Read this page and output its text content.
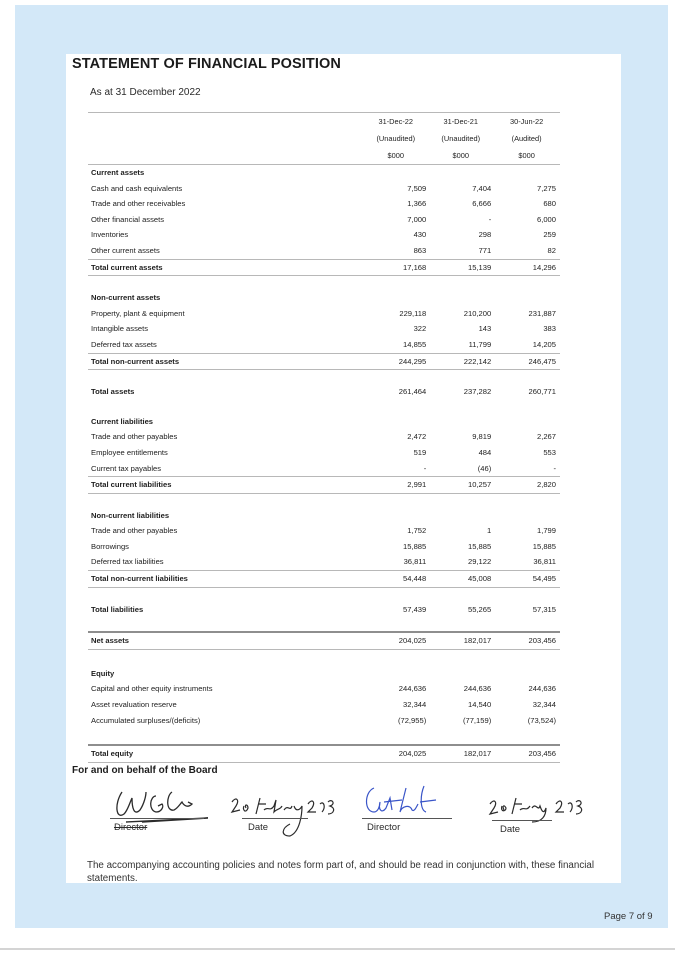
STATEMENT OF FINANCIAL POSITION
As at 31 December 2022
	31-Dec-22	31-Dec-21	30-Jun-22
	(Unaudited)	(Unaudited)	(Audited)
	$000	$000	$000
Current assets			
Cash and cash equivalents	7,509	7,404	7,275
Trade and other receivables	1,366	6,666	680
Other financial assets	7,000	-	6,000
Inventories	430	298	259
Other current assets	863	771	82
Total current assets	17,168	15,139	14,296

Non-current assets			
Property, plant & equipment	229,118	210,200	231,887
Intangible assets	322	143	383
Deferred tax assets	14,855	11,799	14,205
Total non-current assets	244,295	222,142	246,475

Total assets	261,464	237,282	260,771

Current liabilities			
Trade and other payables	2,472	9,819	2,267
Employee entitlements	519	484	553
Current tax payables	-	(46)	-
Total current liabilities	2,991	10,257	2,820

Non-current liabilities			
Trade and other payables	1,752	1	1,799
Borrowings	15,885	15,885	15,885
Deferred tax liabilities	36,811	29,122	36,811
Total non-current liabilities	54,448	45,008	54,495

Total liabilities	57,439	55,265	57,315

Net assets	204,025	182,017	203,456

Equity			
Capital and other equity instruments	244,636	244,636	244,636
Asset revaluation reserve	32,344	14,540	32,344
Accumulated surpluses/(deficits)	(72,955)	(77,159)	(73,524)

Total equity	204,025	182,017	203,456
For and on behalf of the Board
Director	Date	Director	Date
The accompanying accounting policies and notes form part of, and should be read in conjunction with, these financial statements.
Page 7 of 9
